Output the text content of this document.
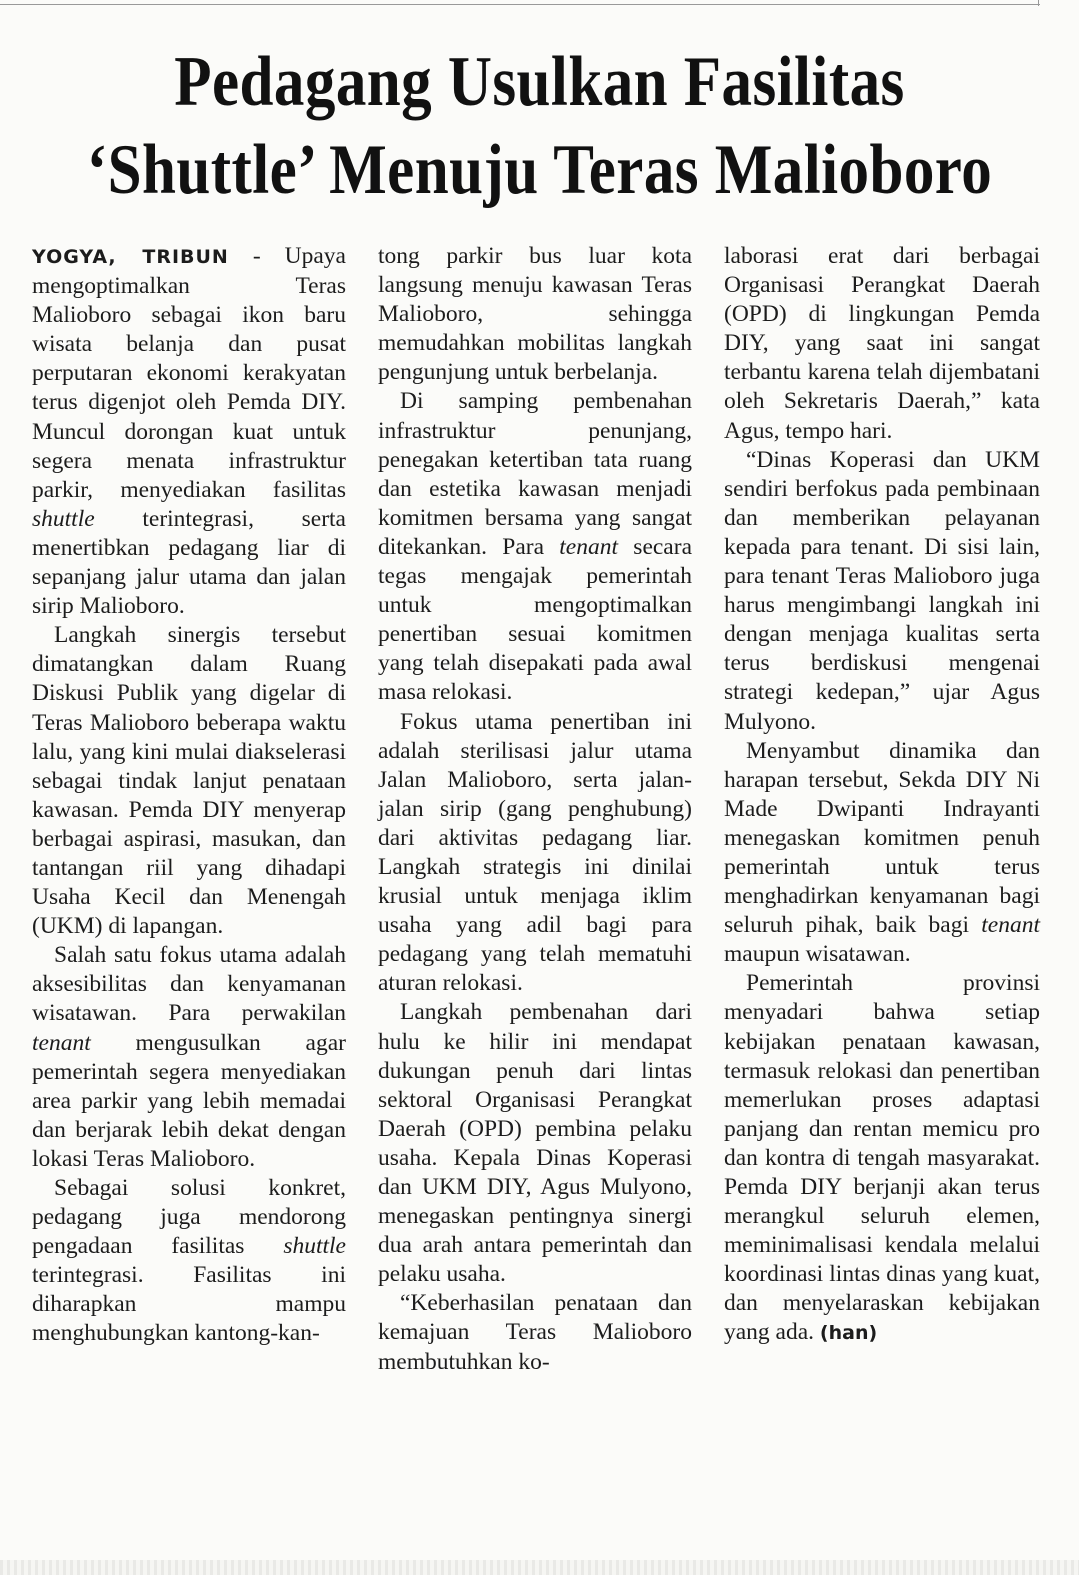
Pedagang Usulkan Fasilitas
‘Shuttle’ Menuju Teras Malioboro

YOGYA, TRIBUN - Upaya mengoptimalkan Teras Malioboro sebagai ikon baru wisata belanja dan pusat perputaran ekonomi kerakyatan terus digenjot oleh Pemda DIY. Muncul dorongan kuat untuk segera menata infrastruktur parkir, menyediakan fasilitas shuttle terintegrasi, serta menertibkan pedagang liar di sepanjang jalur utama dan jalan sirip Malioboro.

Langkah sinergis tersebut dimatangkan dalam Ruang Diskusi Publik yang digelar di Teras Malioboro beberapa waktu lalu, yang kini mulai diakselerasi sebagai tindak lanjut penataan kawasan. Pemda DIY menyerap berbagai aspirasi, masukan, dan tantangan riil yang dihadapi Usaha Kecil dan Menengah (UKM) di lapangan.

Salah satu fokus utama adalah aksesibilitas dan kenyamanan wisatawan. Para perwakilan tenant mengusulkan agar pemerintah segera menyediakan area parkir yang lebih memadai dan berjarak lebih dekat dengan lokasi Teras Malioboro.

Sebagai solusi konkret, pedagang juga mendorong pengadaan fasilitas shuttle terintegrasi. Fasilitas ini diharapkan mampu menghubungkan kantong-kan-

tong parkir bus luar kota langsung menuju kawasan Teras Malioboro, sehingga memudahkan mobilitas langkah pengunjung untuk berbelanja.

Di samping pembenahan infrastruktur penunjang, penegakan ketertiban tata ruang dan estetika kawasan menjadi komitmen bersama yang sangat ditekankan. Para tenant secara tegas mengajak pemerintah untuk mengoptimalkan penertiban sesuai komitmen yang telah disepakati pada awal masa relokasi.

Fokus utama penertiban ini adalah sterilisasi jalur utama Jalan Malioboro, serta jalan-jalan sirip (gang penghubung) dari aktivitas pedagang liar. Langkah strategis ini dinilai krusial untuk menjaga iklim usaha yang adil bagi para pedagang yang telah mematuhi aturan relokasi.

Langkah pembenahan dari hulu ke hilir ini mendapat dukungan penuh dari lintas sektoral Organisasi Perangkat Daerah (OPD) pembina pelaku usaha. Kepala Dinas Koperasi dan UKM DIY, Agus Mulyono, menegaskan pentingnya sinergi dua arah antara pemerintah dan pelaku usaha.

“Keberhasilan penataan dan kemajuan Teras Malioboro membutuhkan ko-

laborasi erat dari berbagai Organisasi Perangkat Daerah (OPD) di lingkungan Pemda DIY, yang saat ini sangat terbantu karena telah dijembatani oleh Sekretaris Daerah,” kata Agus, tempo hari.

“Dinas Koperasi dan UKM sendiri berfokus pada pembinaan dan memberikan pelayanan kepada para tenant. Di sisi lain, para tenant Teras Malioboro juga harus mengimbangi langkah ini dengan menjaga kualitas serta terus berdiskusi mengenai strategi kedepan,” ujar Agus Mulyono.

Menyambut dinamika dan harapan tersebut, Sekda DIY Ni Made Dwipanti Indrayanti menegaskan komitmen penuh pemerintah untuk terus menghadirkan kenyamanan bagi seluruh pihak, baik bagi tenant maupun wisatawan.

Pemerintah provinsi menyadari bahwa setiap kebijakan penataan kawasan, termasuk relokasi dan penertiban memerlukan proses adaptasi panjang dan rentan memicu pro dan kontra di tengah masyarakat. Pemda DIY berjanji akan terus merangkul seluruh elemen, meminimalisasi kendala melalui koordinasi lintas dinas yang kuat, dan menyelaraskan kebijakan yang ada. (han)
